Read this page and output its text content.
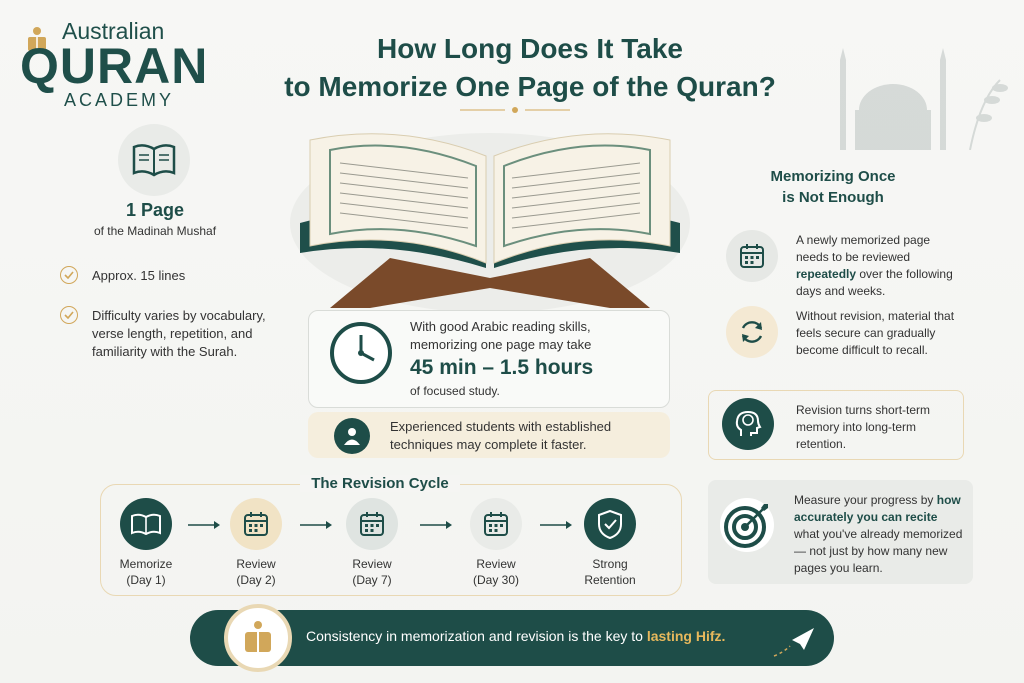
Australian
QURAN
ACADEMY
How Long Does It Take
to Memorize One Page of the Quran?
1 Page
of the Madinah Mushaf
Approx. 15 lines
Difficulty varies by vocabulary, verse length, repetition, and familiarity with the Surah.
With good Arabic reading skills, memorizing one page may take
45 min – 1.5 hours
of focused study.
Experienced students with established techniques may complete it faster.
The Revision Cycle
Memorize
(Day 1)
Review
(Day 2)
Review
(Day 7)
Review
(Day 30)
Strong
Retention
Memorizing Once
is Not Enough
A newly memorized page needs to be reviewed repeatedly over the following days and weeks.
Without revision, material that feels secure can gradually become difficult to recall.
Revision turns short-term memory into long-term retention.
Measure your progress by how accurately you can recite what you've already memorized — not just by how many new pages you learn.
Consistency in memorization and revision is the key to lasting Hifz.
